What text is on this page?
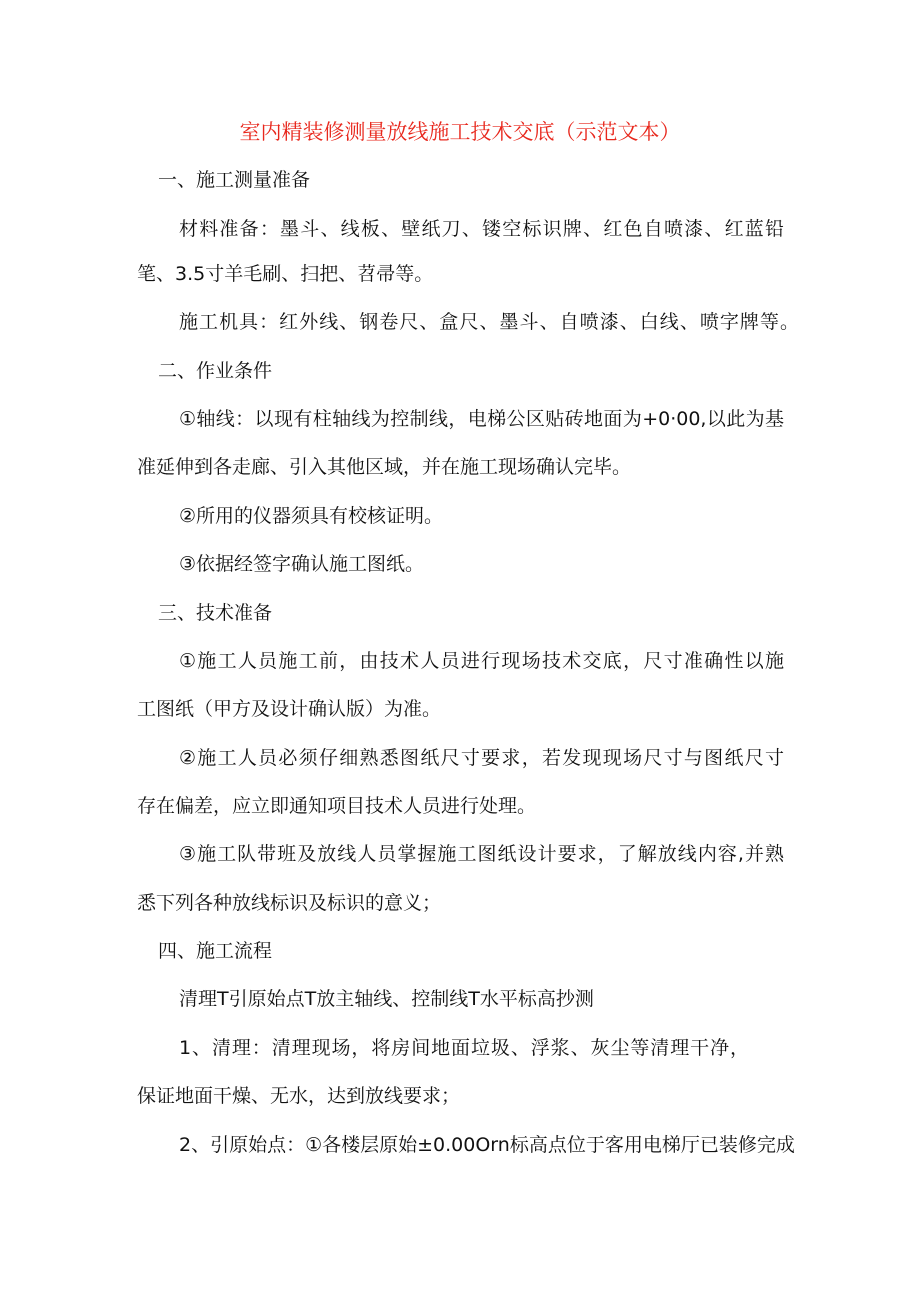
室内精装修测量放线施工技术交底（示范文本）
一、施工测量准备
材料准备：墨斗、线板、壁纸刀、镂空标识牌、红色自喷漆、红蓝铅
笔、3.5寸羊毛刷、扫把、苕帚等。
施工机具：红外线、钢卷尺、盒尺、墨斗、自喷漆、白线、喷字牌等。
二、作业条件
①轴线：以现有柱轴线为控制线，电梯公区贴砖地面为+0·00,以此为基
准延伸到各走廊、引入其他区域，并在施工现场确认完毕。
②所用的仪器须具有校核证明。
③依据经签字确认施工图纸。
三、技术准备
①施工人员施工前，由技术人员进行现场技术交底，尺寸准确性以施
工图纸（甲方及设计确认版）为准。
②施工人员必须仔细熟悉图纸尺寸要求，若发现现场尺寸与图纸尺寸
存在偏差，应立即通知项目技术人员进行处理。
③施工队带班及放线人员掌握施工图纸设计要求，了解放线内容,并熟
悉下列各种放线标识及标识的意义；
四、施工流程
清理T引原始点T放主轴线、控制线T水平标高抄测
1、清理：清理现场，将房间地面垃圾、浮浆、灰尘等清理干净，
保证地面干燥、无水，达到放线要求；
2、引原始点：①各楼层原始±0.00Orn标高点位于客用电梯厅已装修完成
